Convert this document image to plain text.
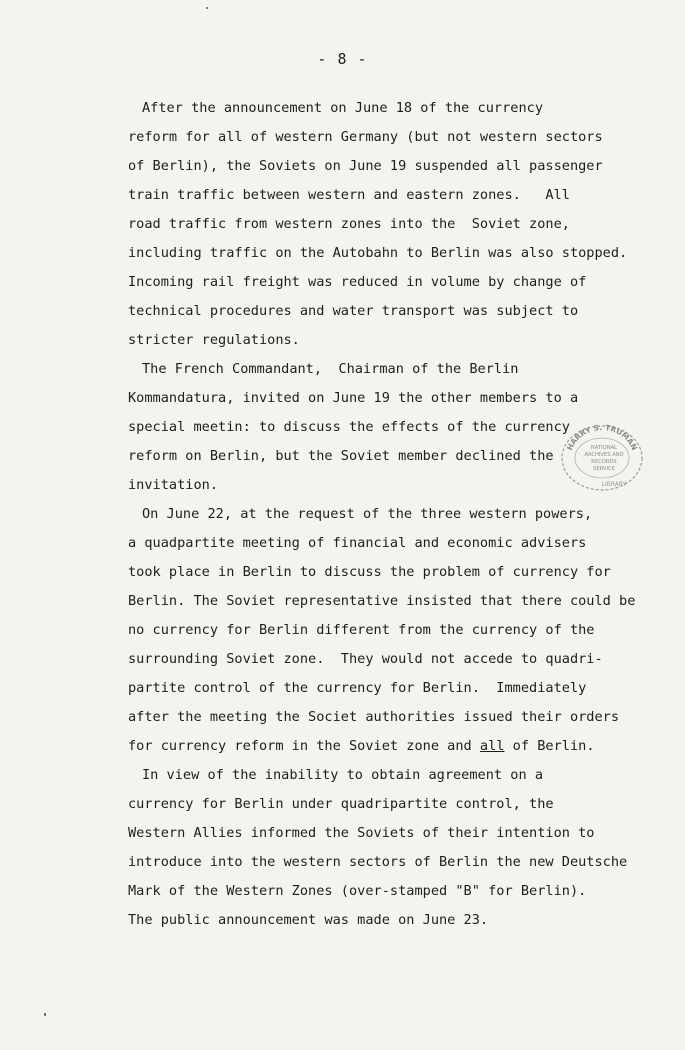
- 8 -
After the announcement on June 18 of the currency
reform for all of western Germany (but not western sectors
of Berlin), the Soviets on June 19 suspended all passenger
train traffic between western and eastern zones.   All
road traffic from western zones into the  Soviet zone,
including traffic on the Autobahn to Berlin was also stopped.
Incoming rail freight was reduced in volume by change of
technical procedures and water transport was subject to
stricter regulations.
The French Commandant,  Chairman of the Berlin
Kommandatura, invited on June 19 the other members to a
special meetin: to discuss the effects of the currency
reform on Berlin, but the Soviet member declined the
invitation.
On June 22, at the request of the three western powers,
a quadpartite meeting of financial and economic advisers
took place in Berlin to discuss the problem of currency for
Berlin. The Soviet representative insisted that there could be
no currency for Berlin different from the currency of the
surrounding Soviet zone.  They would not accede to quadri-
partite control of the currency for Berlin.  Immediately
after the meeting the Societ authorities issued their orders
for currency reform in the Soviet zone and all of Berlin.
In view of the inability to obtain agreement on a
currency for Berlin under quadripartite control, the
Western Allies informed the Soviets of their intention to
introduce into the western sectors of Berlin the new Deutsche
Mark of the Western Zones (over-stamped "B" for Berlin).
The public announcement was made on June 23.
HARRY S. TRUMAN
NATIONAL
ARCHIVES AND
RECORDS
SERVICE
LIBRARY
